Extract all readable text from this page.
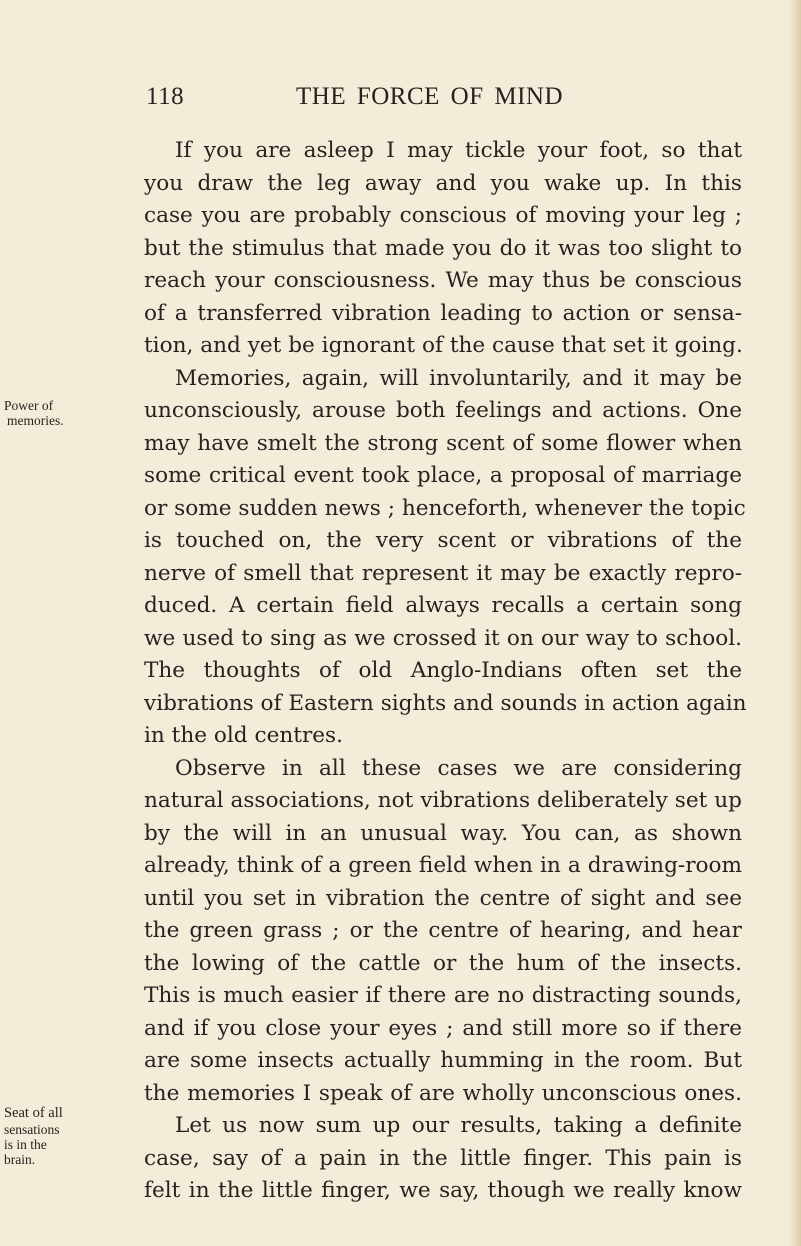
118	THE FORCE OF MIND
Power of
memories.
Seat of all
sensations
is in the
brain.
If you are asleep I may tickle your foot, so that
you draw the leg away and you wake up. In this
case you are probably conscious of moving your leg ;
but the stimulus that made you do it was too slight to
reach your consciousness. We may thus be conscious
of a transferred vibration leading to action or sensa-
tion, and yet be ignorant of the cause that set it going.
Memories, again, will involuntarily, and it may be
unconsciously, arouse both feelings and actions. One
may have smelt the strong scent of some flower when
some critical event took place, a proposal of marriage
or some sudden news ; henceforth, whenever the topic
is touched on, the very scent or vibrations of the
nerve of smell that represent it may be exactly repro-
duced. A certain field always recalls a certain song
we used to sing as we crossed it on our way to school.
The thoughts of old Anglo-Indians often set the
vibrations of Eastern sights and sounds in action again
in the old centres.
Observe in all these cases we are considering
natural associations, not vibrations deliberately set up
by the will in an unusual way. You can, as shown
already, think of a green field when in a drawing-room
until you set in vibration the centre of sight and see
the green grass ; or the centre of hearing, and hear
the lowing of the cattle or the hum of the insects.
This is much easier if there are no distracting sounds,
and if you close your eyes ; and still more so if there
are some insects actually humming in the room. But
the memories I speak of are wholly unconscious ones.
Let us now sum up our results, taking a definite
case, say of a pain in the little finger. This pain is
felt in the little finger, we say, though we really know
